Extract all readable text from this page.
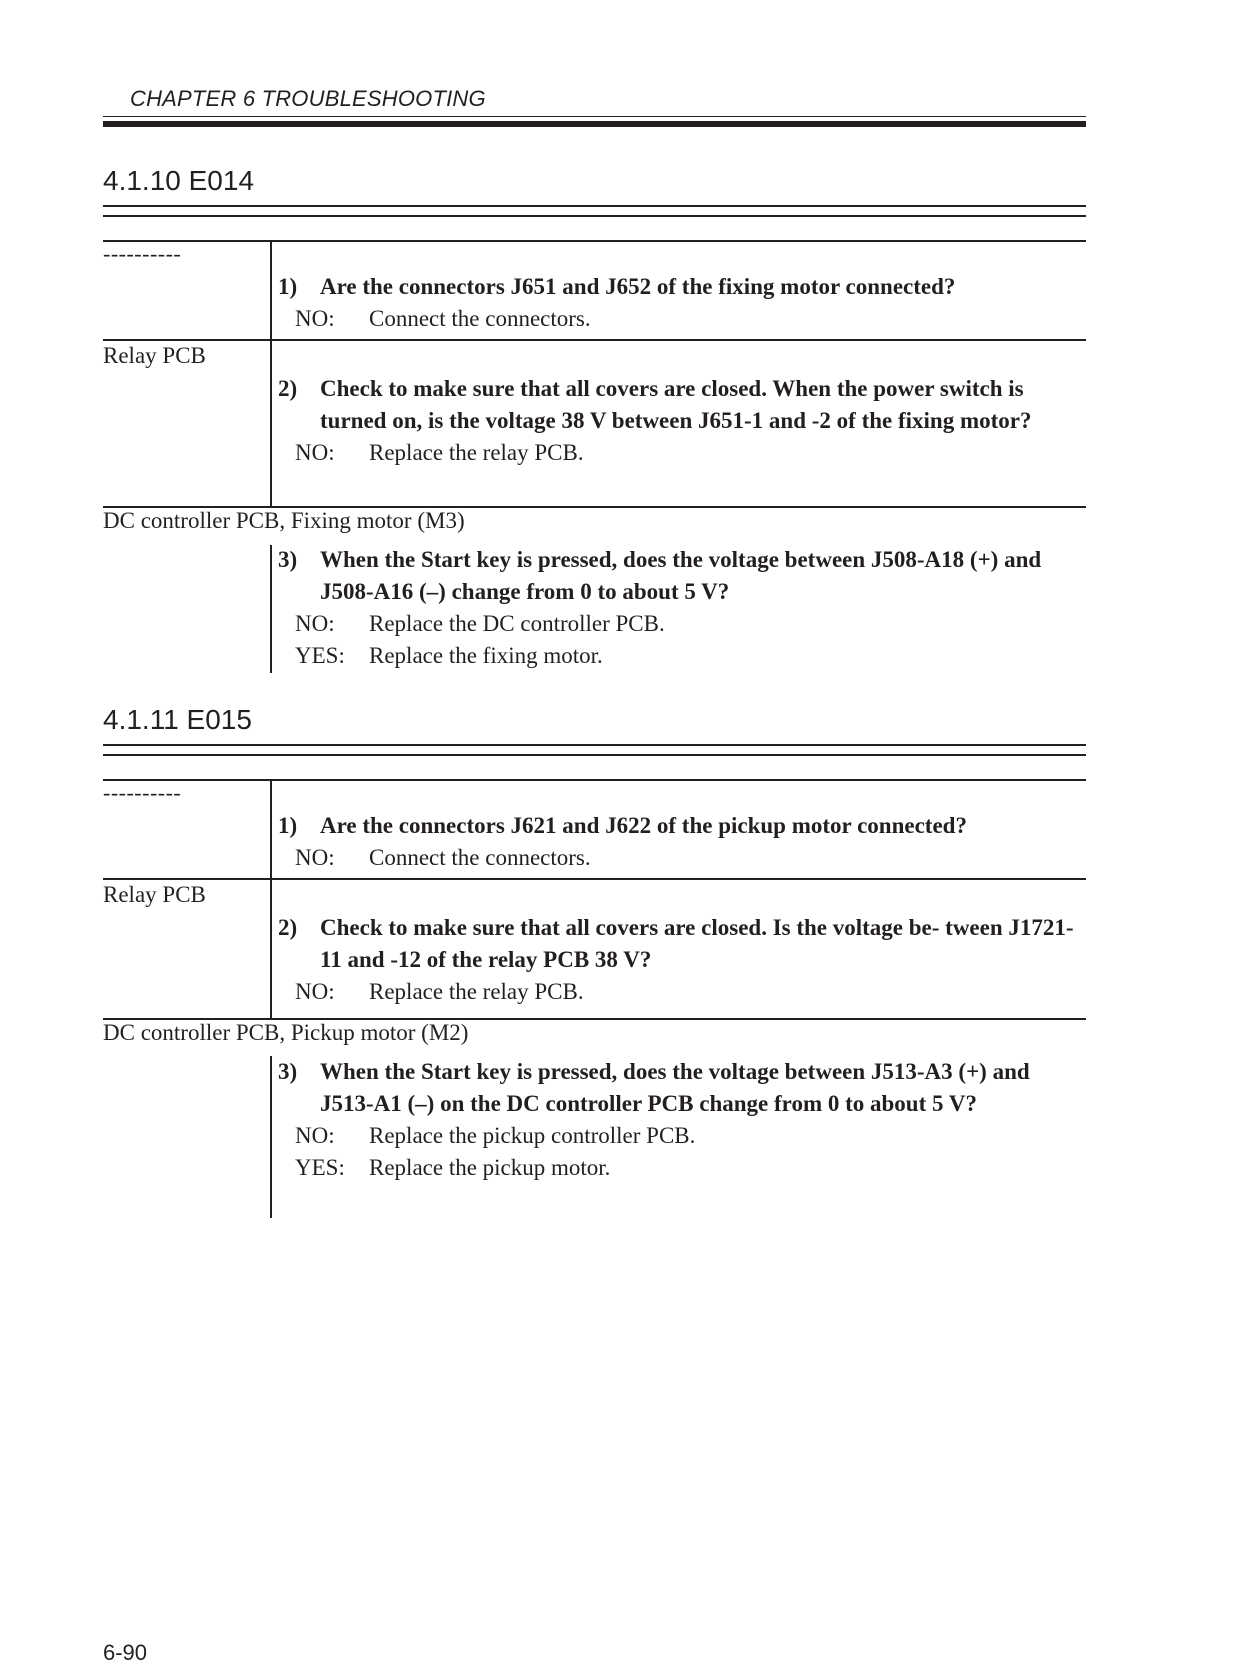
CHAPTER 6 TROUBLESHOOTING
4.1.10 E014
----------
1) Are the connectors J651 and J652 of the fixing motor connected?
NO:	Connect the connectors.
Relay PCB
2) Check to make sure that all covers are closed. When the power switch is turned on, is the voltage 38 V between J651-1 and -2 of the fixing motor?
NO:	Replace the relay PCB.
DC controller PCB, Fixing motor (M3)
3) When the Start key is pressed, does the voltage between J508-A18 (+) and J508-A16 (–) change from 0 to about 5 V?
NO:	Replace the DC controller PCB.
YES:	Replace the fixing motor.
4.1.11 E015
----------
1) Are the connectors J621 and J622 of the pickup motor connected?
NO:	Connect the connectors.
Relay PCB
2) Check to make sure that all covers are closed. Is the voltage be- tween J1721-11 and -12 of the relay PCB 38 V?
NO:	Replace the relay PCB.
DC controller PCB, Pickup motor (M2)
3) When the Start key is pressed, does the voltage between J513-A3 (+) and J513-A1 (–) on the DC controller PCB change from 0 to about 5 V?
NO:	Replace the pickup controller PCB.
YES:	Replace the pickup motor.
6-90
